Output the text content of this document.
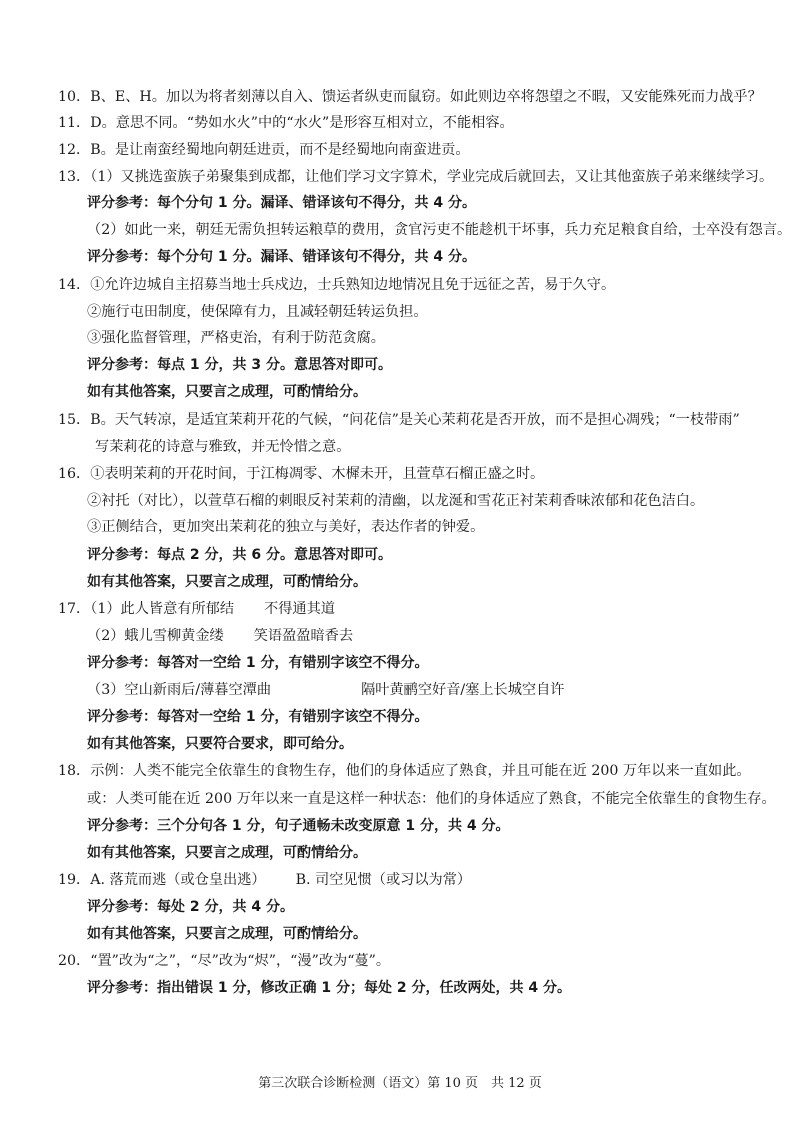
10．B、E、H。加以为将者刻薄以自入、馈运者纵吏而鼠窃。如此则边卒将怨望之不暇，又安能殊死而力战乎？
11．D。意思不同。“势如水火”中的“水火”是形容互相对立，不能相容。
12．B。是让南蛮经蜀地向朝廷进贡，而不是经蜀地向南蛮进贡。
13．（1）又挑选蛮族子弟聚集到成都，让他们学习文字算术，学业完成后就回去，又让其他蛮族子弟来继续学习。
评分参考：每个分句 1 分。漏译、错译该句不得分，共 4 分。
（2）如此一来，朝廷无需负担转运粮草的费用，贪官污吏不能趁机干坏事，兵力充足粮食自给，士卒没有怨言。
评分参考：每个分句 1 分。漏译、错译该句不得分，共 4 分。
14．①允许边城自主招募当地士兵戍边，士兵熟知边地情况且免于远征之苦，易于久守。
②施行屯田制度，使保障有力，且减轻朝廷转运负担。
③强化监督管理，严格吏治，有利于防范贪腐。
评分参考：每点 1 分，共 3 分。意思答对即可。
如有其他答案，只要言之成理，可酌情给分。
15．B。天气转凉，是适宜茉莉开花的气候，“问花信”是关心茉莉花是否开放，而不是担心凋残；“一枝带雨”
写茉莉花的诗意与雅致，并无怜惜之意。
16．①表明茉莉的开花时间，于江梅凋零、木樨未开，且萱草石榴正盛之时。
②衬托（对比），以萱草石榴的刺眼反衬茉莉的清幽，以龙涎和雪花正衬茉莉香味浓郁和花色洁白。
③正侧结合，更加突出茉莉花的独立与美好，表达作者的钟爱。
评分参考：每点 2 分，共 6 分。意思答对即可。
如有其他答案，只要言之成理，可酌情给分。
17．（1）此人皆意有所郁结 不得通其道
（2）蛾儿雪柳黄金缕 笑语盈盈暗香去
评分参考：每答对一空给 1 分，有错别字该空不得分。
（3）空山新雨后/薄暮空潭曲	隔叶黄鹂空好音/塞上长城空自许
评分参考：每答对一空给 1 分，有错别字该空不得分。
如有其他答案，只要符合要求，即可给分。
18．示例：人类不能完全依靠生的食物生存，他们的身体适应了熟食，并且可能在近 200 万年以来一直如此。
或：人类可能在近 200 万年以来一直是这样一种状态：他们的身体适应了熟食，不能完全依靠生的食物生存。
评分参考：三个分句各 1 分，句子通畅未改变原意 1 分，共 4 分。
如有其他答案，只要言之成理，可酌情给分。
19．A. 落荒而逃（或仓皇出逃） B. 司空见惯（或习以为常）
评分参考：每处 2 分，共 4 分。
如有其他答案，只要言之成理，可酌情给分。
20．“置”改为“之”，“尽”改为“烬”，“漫”改为“蔓”。
评分参考：指出错误 1 分，修改正确 1 分；每处 2 分，任改两处，共 4 分。
第三次联合诊断检测（语文）第 10 页　共 12 页
